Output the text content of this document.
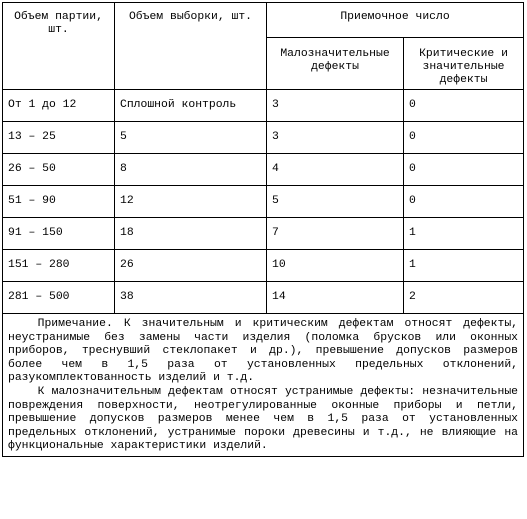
Объем партии, шт.	Объем выборки, шт.	Приемочное число	
		Малозначительные дефекты	Критические и значительные дефекты
От 1 до 12	Сплошной контроль	3	0
13 – 25	5	3	0
26 – 50	8	4	0
51 – 90	12	5	0
91 – 150	18	7	1
151 – 280	26	10	1
281 – 500	38	14	2

Примечание. К значительным и критическим дефектам относят дефекты, неустранимые без замены части изделия (поломка брусков или оконных приборов, треснувший стеклопакет и др.), превышение допусков размеров более чем в 1,5 раза от установленных предельных отклонений, разукомплектованность изделий и т.д.

К малозначительным дефектам относят устранимые дефекты: незначительные повреждения поверхности, неотрегулированные оконные приборы и петли, превышение допусков размеров менее чем в 1,5 раза от установленных предельных отклонений, устранимые пороки древесины и т.д., не влияющие на функциональные характеристики изделий.			
